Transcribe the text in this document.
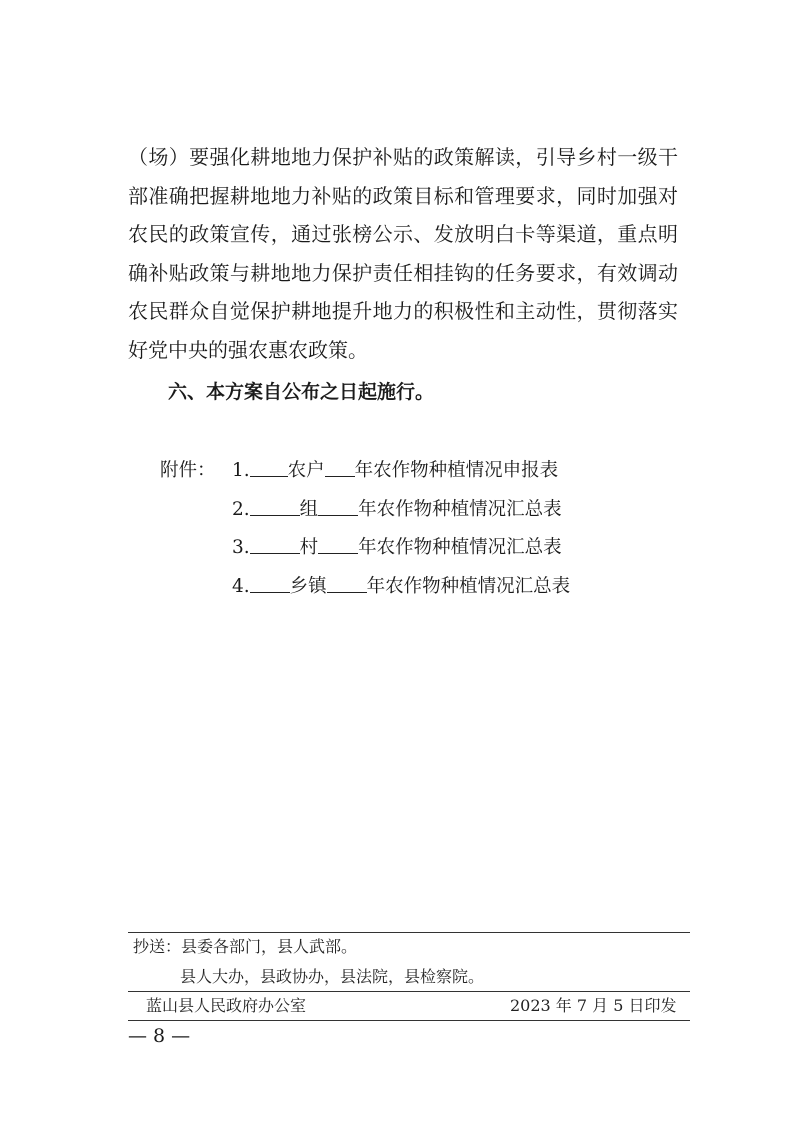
（场）要强化耕地地力保护补贴的政策解读，引导乡村一级干
部准确把握耕地地力补贴的政策目标和管理要求，同时加强对
农民的政策宣传，通过张榜公示、发放明白卡等渠道，重点明
确补贴政策与耕地地力保护责任相挂钩的任务要求，有效调动
农民群众自觉保护耕地提升地力的积极性和主动性，贯彻落实
好党中央的强农惠农政策。
六、本方案自公布之日起施行。
附件： 1. 农户 年农作物种植情况申报表
2.	组 年农作物种植情况汇总表
3.	村 年农作物种植情况汇总表
4. 乡镇 年农作物种植情况汇总表
抄送：县委各部门，县人武部。
县人大办，县政协办，县法院，县检察院。
蓝山县人民政府办公室	2023 年 7 月 5 日印发
— 8 —
